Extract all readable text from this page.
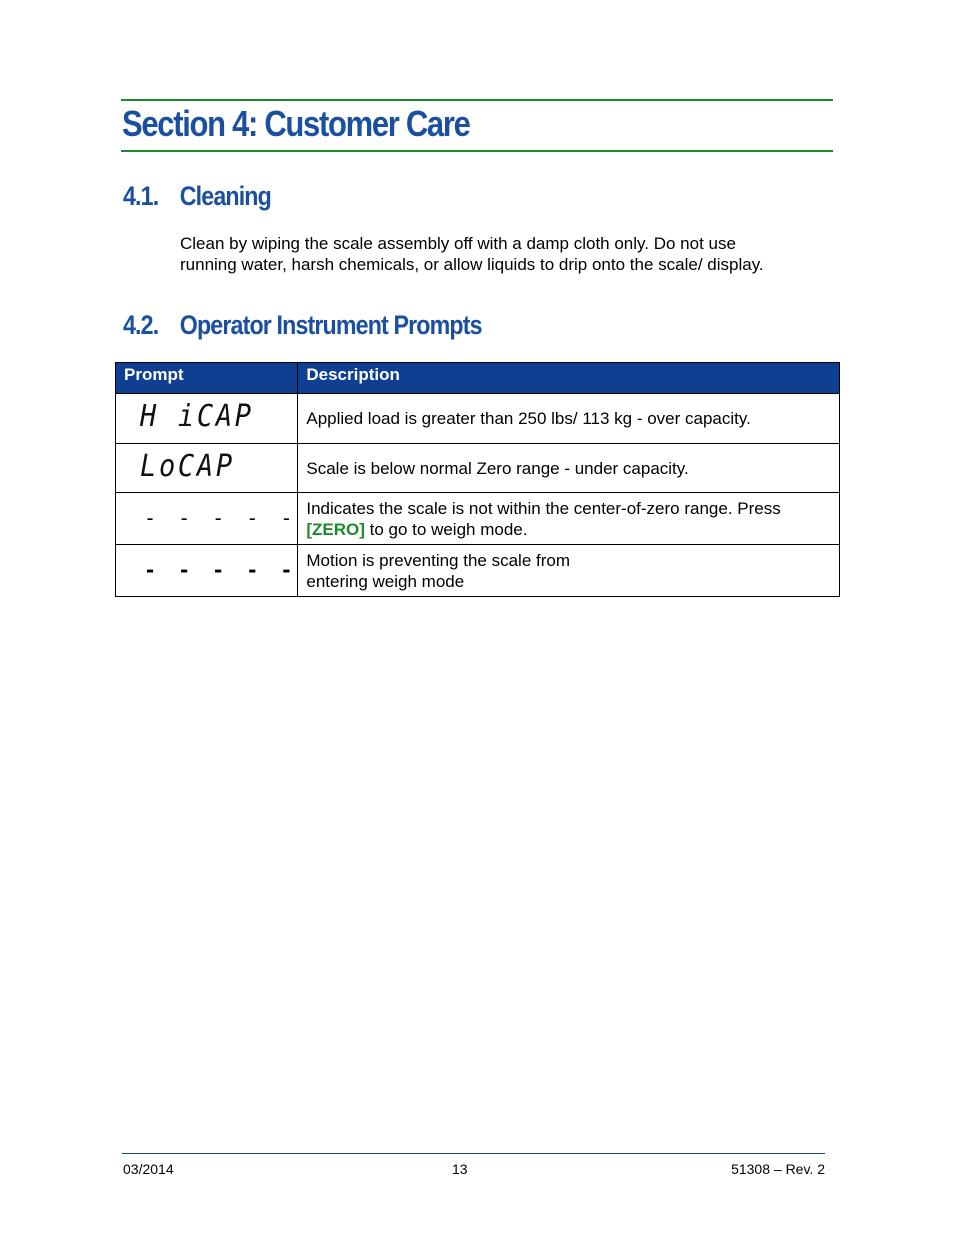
Section 4: Customer Care
4.1. Cleaning
Clean by wiping the scale assembly off with a damp cloth only. Do not use
running water, harsh chemicals, or allow liquids to drip onto the scale/ display.
4.2. Operator Instrument Prompts
Prompt	Description
H iCAP	Applied load is greater than 250 lbs/ 113 kg - over capacity.
LoCAP	Scale is below normal Zero range - under capacity.
- - - - -	Indicates the scale is not within the center-of-zero range. Press [ZERO] to go to weigh mode.
- - - - -	Motion is preventing the scale from
entering weigh mode
03/2014	13	51308 – Rev. 2
